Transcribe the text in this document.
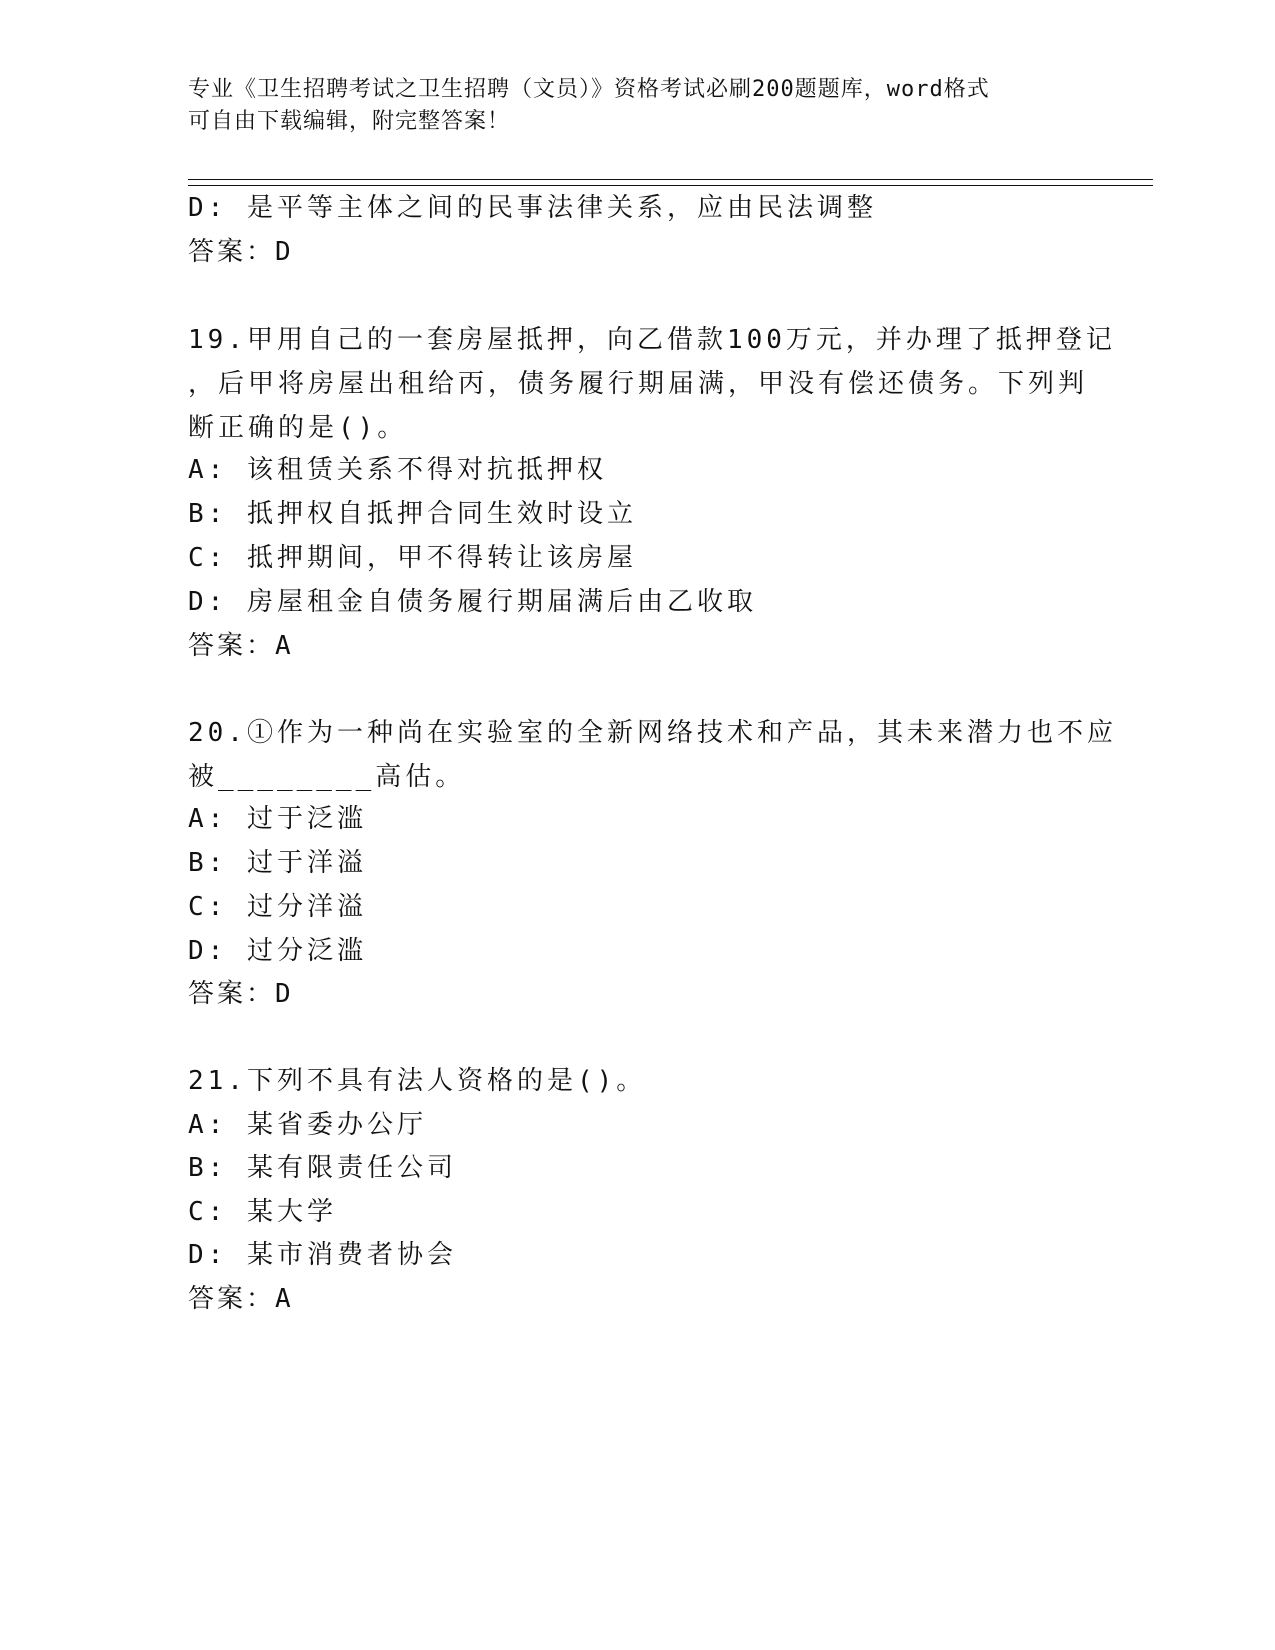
专业《卫生招聘考试之卫生招聘（文员）》资格考试必刷200题题库，word格式
可自由下载编辑，附完整答案！
D: 是平等主体之间的民事法律关系，应由民法调整
答案：D
19.甲用自己的一套房屋抵押，向乙借款100万元，并办理了抵押登记
，后甲将房屋出租给丙，债务履行期届满，甲没有偿还债务。下列判
断正确的是()。
A: 该租赁关系不得对抗抵押权
B: 抵押权自抵押合同生效时设立
C: 抵押期间，甲不得转让该房屋
D: 房屋租金自债务履行期届满后由乙收取
答案：A
20.①作为一种尚在实验室的全新网络技术和产品，其未来潜力也不应
被________高估。
A: 过于泛滥
B: 过于洋溢
C: 过分洋溢
D: 过分泛滥
答案：D
21.下列不具有法人资格的是()。
A: 某省委办公厅
B: 某有限责任公司
C: 某大学
D: 某市消费者协会
答案：A
